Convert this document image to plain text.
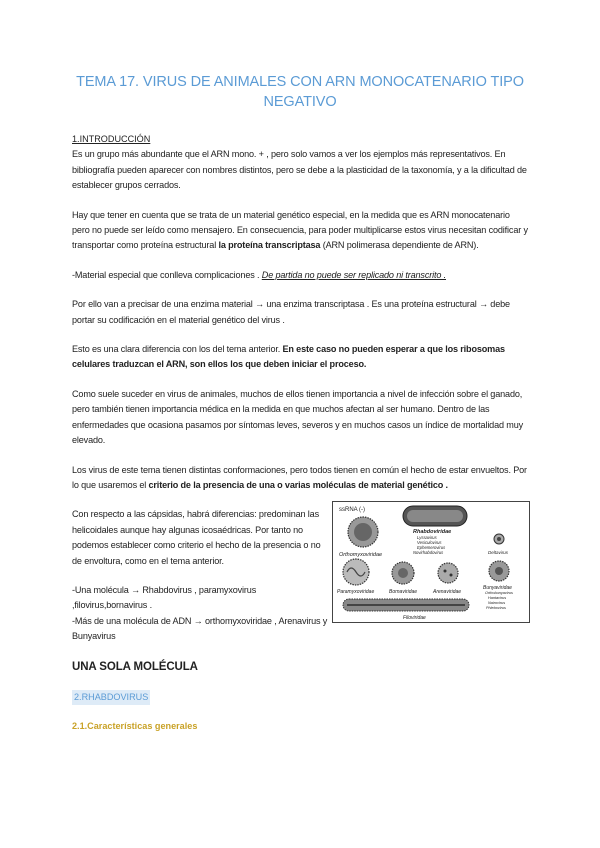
TEMA 17. VIRUS DE ANIMALES CON ARN MONOCATENARIO TIPO NEGATIVO
1.INTRODUCCIÓN

Es un grupo más abundante que el ARN mono. + , pero solo vamos a ver los ejemplos más representativos. En bibliografía pueden aparecer con nombres distintos, pero se debe a la plasticidad de la taxonomía, y a la dificultad de establecer grupos cerrados.

Hay que tener en cuenta que se trata de un material genético especial, en la medida que es ARN monocatenario pero no puede ser leído como mensajero. En consecuencia, para poder multiplicarse estos virus necesitan codificar y transportar como proteína estructural la proteína transcriptasa (ARN polimerasa dependiente de ARN).

-Material especial que conlleva complicaciones . De partida no puede ser replicado ni transcrito .

Por ello van a precisar de una enzima material → una enzima transcriptasa . Es una proteína estructural → debe portar su codificación en el material genético del virus .

Esto es una clara diferencia con los del tema anterior. En este caso no pueden esperar a que los ribosomas celulares traduzcan el ARN, son ellos los que deben iniciar el proceso.

Como suele suceder en virus de animales, muchos de ellos tienen importancia a nivel de infección sobre el ganado, pero también tienen importancia médica en la medida en que muchos afectan al ser humano. Dentro de las enfermedades que ocasiona pasamos por síntomas leves, severos y en muchos casos un índice de mortalidad muy elevado.

Los virus de este tema tienen distintas conformaciones, pero todos tienen en común el hecho de estar envueltos. Por lo que usaremos el criterio de la presencia de una o varias moléculas de material genético .

Con respecto a las cápsidas, habrá diferencias: predominan las helicoidales aunque hay algunas icosaédricas. Por tanto no podemos establecer como criterio el hecho de la presencia o no de envoltura, como en el tema anterior.

-Una molécula → Rhabdovirus , paramyxovirus ,filovirus,bornavirus .

-Más de una molécula de ADN → orthomyxoviridae , Arenavirus y Bunyavirus

ssRNA (-)
Rhabdoviridae
Lyssavirus
Vesiculovirus
Ephemerovirus
Novirhabdovirus
Orthomyxoviridae	Deltavirus
Paramyxoviridae	Bornaviridae	Arenaviridae
Bunyaviridae
Orthobunyavirus
Hantavirus
Nairovirus
Phlebovirus
Filoviridae
UNA SOLA MOLÉCULA
2.RHABDOVIRUS
2.1.Características generales
